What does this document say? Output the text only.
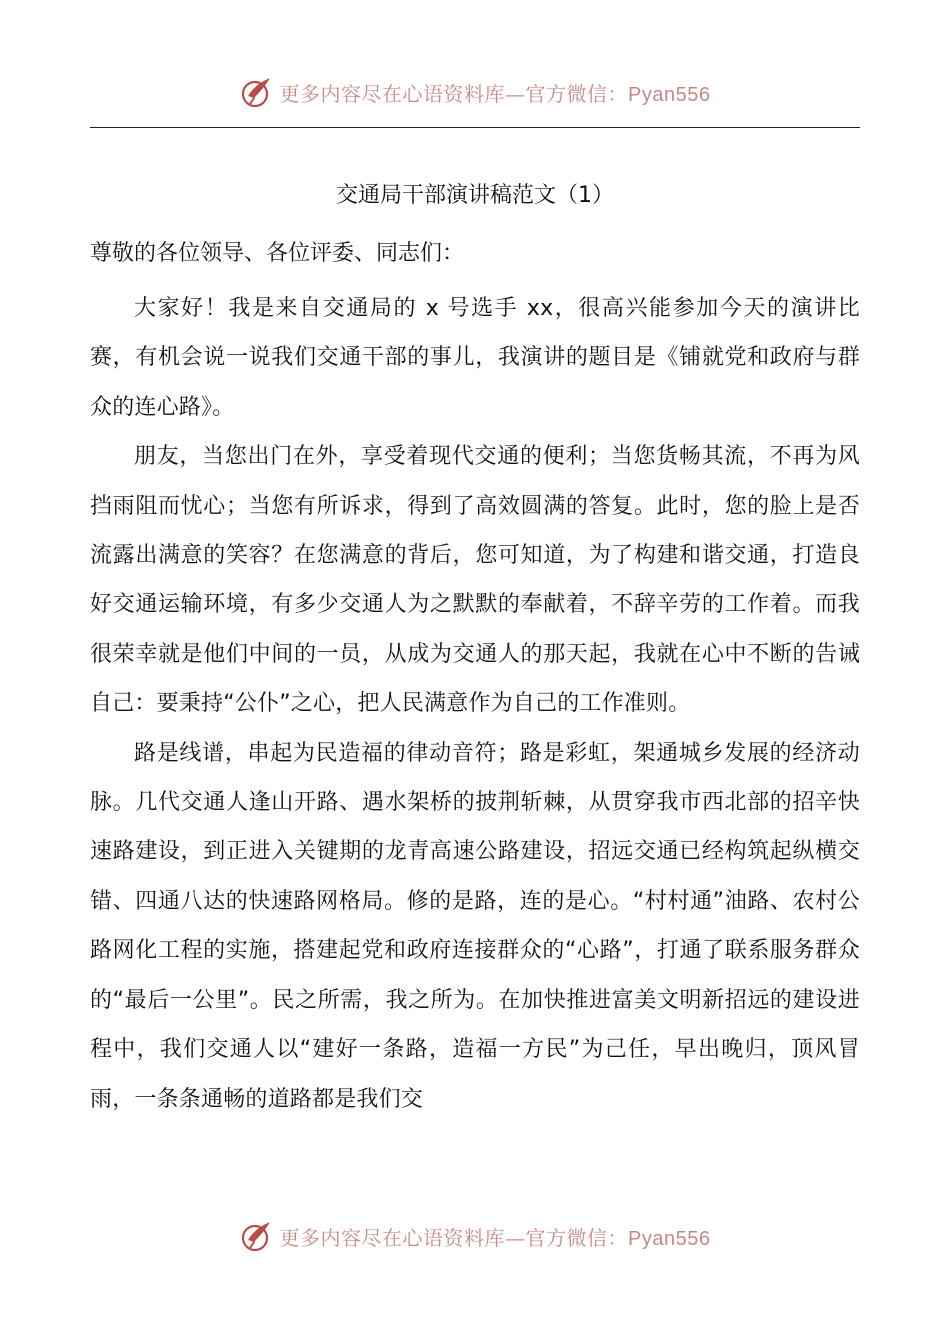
更多内容尽在心语资料库—官方微信：Pyan556
交通局干部演讲稿范文（1）

尊敬的各位领导、各位评委、同志们：

大家好！我是来自交通局的 x 号选手 xx，很高兴能参加今天的演讲比赛，有机会说一说我们交通干部的事儿，我演讲的题目是《铺就党和政府与群众的连心路》。

朋友，当您出门在外，享受着现代交通的便利；当您货畅其流，不再为风挡雨阻而忧心；当您有所诉求，得到了高效圆满的答复。此时，您的脸上是否流露出满意的笑容？在您满意的背后，您可知道，为了构建和谐交通，打造良好交通运输环境，有多少交通人为之默默的奉献着，不辞辛劳的工作着。而我很荣幸就是他们中间的一员，从成为交通人的那天起，我就在心中不断的告诫自己：要秉持“公仆”之心，把人民满意作为自己的工作准则。

路是线谱，串起为民造福的律动音符；路是彩虹，架通城乡发展的经济动脉。几代交通人逢山开路、遇水架桥的披荆斩棘，从贯穿我市西北部的招辛快速路建设，到正进入关键期的龙青高速公路建设，招远交通已经构筑起纵横交错、四通八达的快速路网格局。修的是路，连的是心。“村村通”油路、农村公路网化工程的实施，搭建起党和政府连接群众的“心路”，打通了联系服务群众的“最后一公里”。民之所需，我之所为。在加快推进富美文明新招远的建设进程中，我们交通人以“建好一条路，造福一方民”为己任，早出晚归，顶风冒雨，一条条通畅的道路都是我们交

更多内容尽在心语资料库—官方微信：Pyan556
